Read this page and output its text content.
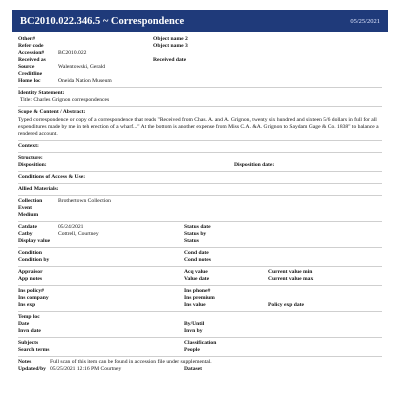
BC2010.022.346.5 ~ Correspondence	05/25/2021
Other#
Refer code
Accession#	BC2010.022
Received as
Source	Walentowski, Gerald
Creditline
Home loc	Oneida Nation Museum
Object name 2
Object name 3
Received date
Identity Statement:
Title:
Charles Grignon correspondences
Scope & Content / Abstract:
Typed correspondence or copy of a correspondence that reads "Received from Chas. A. and A. Grignon, twenty six hundred and sixteen 5/6 dollars in full for all expenditures made by me in teh erection of a wharf..." At the bottom is another expense from Miss C.A. &A. Grignon to Saydam Gage & Co. 1838" to balance a rendered account.
Context:
Structure:
Disposition:	Disposition date:
Conditions of Access & Use:
Allied Materials:
Collection	Brothertown Collection
Event
Medium
Catdate	05/24/2021
Catby	Cottrell, Courtney
Display value
Status date
Status by
Status
Condition
Condition by
Cond date
Cond notes
Appraisor
App notes
Acq value
Value date
Current value min
Current value max
Ins policy#
Ins company
Ins exp
Ins phone#
Ins premium
Ins value	Policy exp date
Temp loc
Date
Invn date
By/Until
Invn by
Subjects
Search terms
Classification
People
Notes	Full scan of this item can be found in accession file under supplemental.
Updated/by 05/25/2021 12:16 PM Courtney	Dataset
